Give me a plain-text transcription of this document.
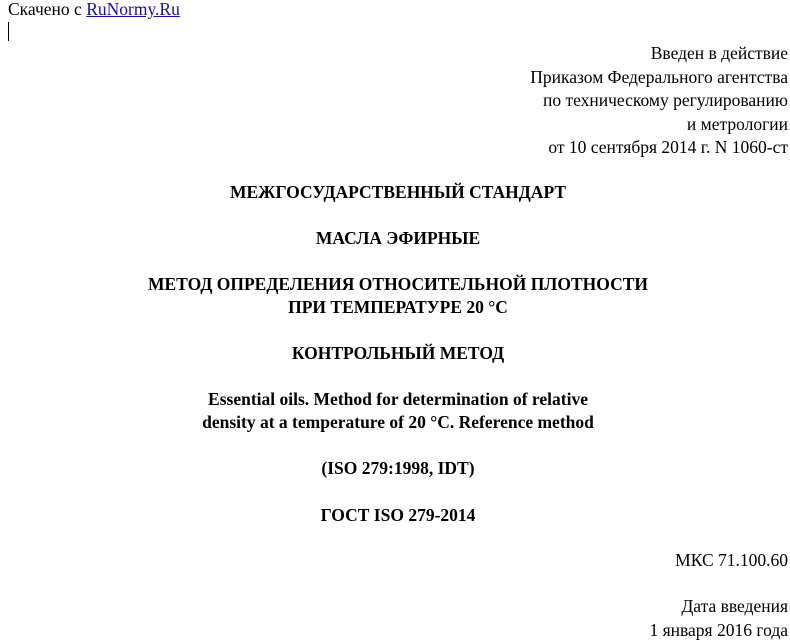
Скачено с RuNormy.Ru
Введен в действие
Приказом Федерального агентства
по техническому регулированию
и метрологии
от 10 сентября 2014 г. N 1060-ст
МЕЖГОСУДАРСТВЕННЫЙ СТАНДАРТ
МАСЛА ЭФИРНЫЕ
МЕТОД ОПРЕДЕЛЕНИЯ ОТНОСИТЕЛЬНОЙ ПЛОТНОСТИ
ПРИ ТЕМПЕРАТУРЕ 20 °С
КОНТРОЛЬНЫЙ МЕТОД
Essential oils. Method for determination of relative
density at a temperature of 20 °C. Reference method
(ISO 279:1998, IDT)
ГОСТ ISO 279-2014
МКС 71.100.60
Дата введения
1 января 2016 года
